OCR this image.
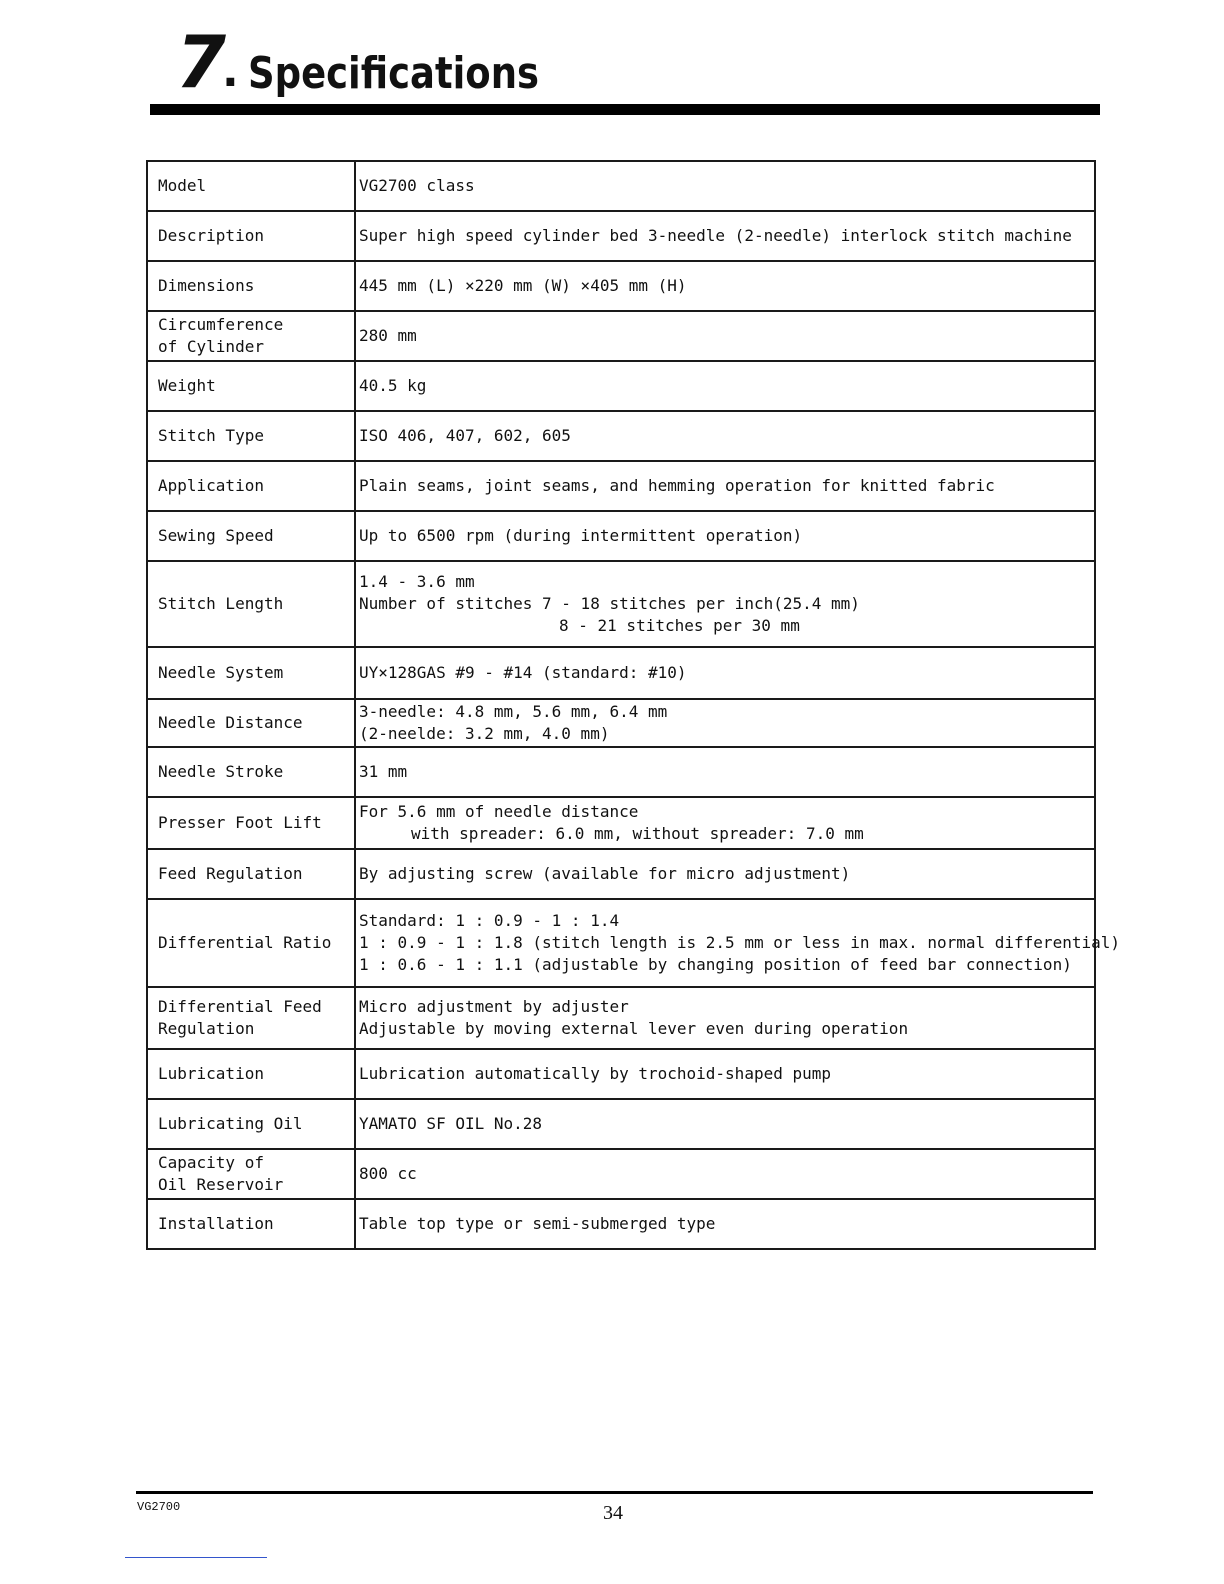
7
. Specifications
Model	VG2700 class

Description	Super high speed cylinder bed 3-needle (2-needle) interlock stitch machine

Dimensions	445 mm (L) ×220 mm (W) ×405 mm (H)

Circumference
of Cylinder	280 mm

Weight	40.5 kg

Stitch Type	ISO 406, 407, 602, 605

Application	Plain seams, joint seams, and hemming operation for knitted fabric

Sewing Speed	Up to 6500 rpm (during intermittent operation)

Stitch Length	1.4 - 3.6 mm
Number of stitches 7 - 18 stitches per inch(25.4 mm)
8 - 21 stitches per 30 mm

Needle System	UY×128GAS #9 - #14 (standard: #10)

Needle Distance	3-needle: 4.8 mm, 5.6 mm, 6.4 mm
(2-neelde: 3.2 mm, 4.0 mm)

Needle Stroke	31 mm

Presser Foot Lift	For 5.6 mm of needle distance
with spreader: 6.0 mm, without spreader: 7.0 mm

Feed Regulation	By adjusting screw (available for micro adjustment)

Differential Ratio	Standard: 1 : 0.9 - 1 : 1.4
1 : 0.9 - 1 : 1.8 (stitch length is 2.5 mm or less in max. normal differential)
1 : 0.6 - 1 : 1.1 (adjustable by changing position of feed bar connection)

Differential Feed
Regulation	Micro adjustment by adjuster
Adjustable by moving external lever even during operation

Lubrication	Lubrication automatically by trochoid-shaped pump

Lubricating Oil	YAMATO SF OIL No.28

Capacity of
Oil Reservoir	800 cc

Installation	Table top type or semi-submerged type
VG2700	34
